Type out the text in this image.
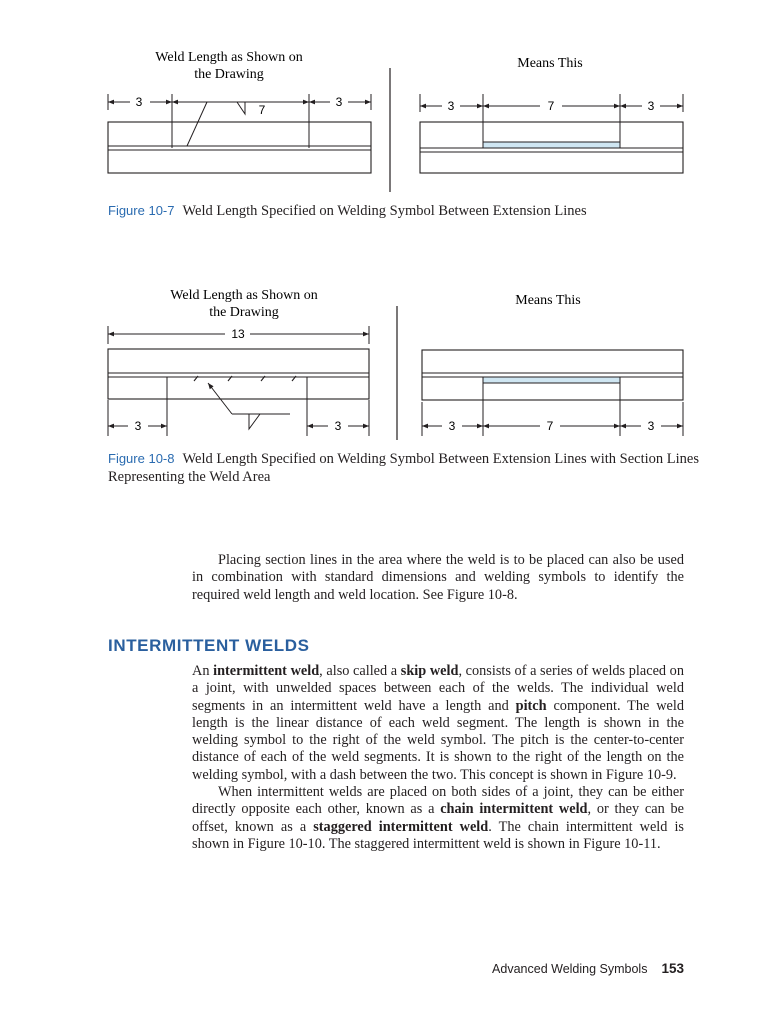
Weld Length as Shown on
the Drawing
Means This
3	3
7	3	7	3
Figure 10-7 Weld Length Specified on Welding Symbol Between Extension Lines
Weld Length as Shown on
the Drawing
Means This
13
3	3	3	7	3
Figure 10-8 Weld Length Specified on Welding Symbol Between Extension Lines with Section Lines Representing the Weld Area

Placing section lines in the area where the weld is to be placed can also be used in combination with standard dimensions and welding symbols to identify the required weld length and weld location. See Figure 10-8.

INTERMITTENT WELDS

An intermittent weld, also called a skip weld, consists of a series of welds placed on a joint, with unwelded spaces between each of the welds. The individual weld segments in an intermittent weld have a length and pitch component. The weld length is the linear distance of each weld segment. The length is shown in the welding symbol to the right of the weld symbol. The pitch is the center-to-center distance of each of the weld segments. It is shown to the right of the length on the welding symbol, with a dash between the two. This concept is shown in Figure 10-9.

When intermittent welds are placed on both sides of a joint, they can be either directly opposite each other, known as a chain intermittent weld, or they can be offset, known as a staggered intermittent weld. The chain intermittent weld is shown in Figure 10-10. The staggered intermittent weld is shown in Figure 10-11.

Advanced Welding Symbols 153
